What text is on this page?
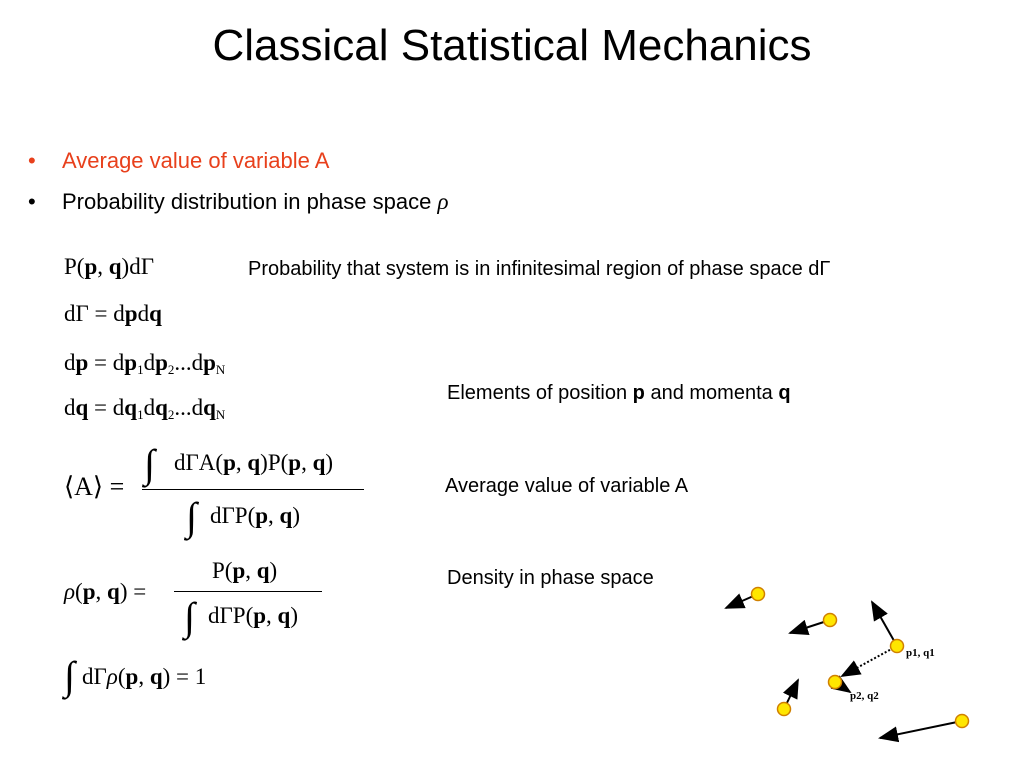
Classical Statistical Mechanics
• Average value of variable A
• Probability distribution in phase space ρ
P(p, q)dΓ
dΓ = dpdq
dp = $dp_1dp_2...dp_N$
dq = $dq_1dq_2...dq_N$
⟨A⟩ =
∫ dΓA(p, q)P(p, q)
∫ dΓP(p, q)
ρ(p, q) =
P(p, q)
∫ dΓP(p, q)
∫ dΓρ(p, q) = 1
Probability that system is in infinitesimal region of phase space dΓ
Elements of position p and momenta q
Average value of variable A
Density in phase space
p1, q1
p2, q2
